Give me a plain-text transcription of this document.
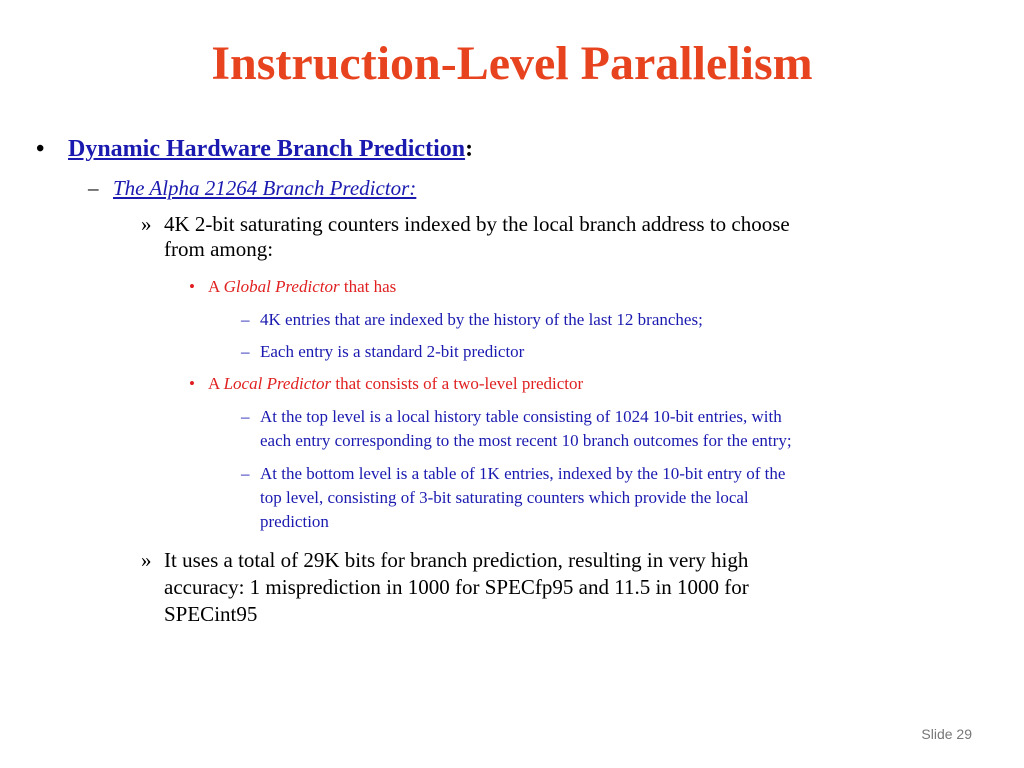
Instruction-Level Parallelism
• Dynamic Hardware Branch Prediction:
– The Alpha 21264 Branch Predictor:
» 4K 2-bit saturating counters indexed by the local branch address to choose
from among:
• A Global Predictor that has
– 4K entries that are indexed by the history of the last 12 branches;
– Each entry is a standard 2-bit predictor
• A Local Predictor that consists of a two-level predictor
– At the top level is a local history table consisting of 1024 10-bit entries, with
each entry corresponding to the most recent 10 branch outcomes for the entry;
– At the bottom level is a table of 1K entries, indexed by the 10-bit entry of the
top level, consisting of 3-bit saturating counters which provide the local
prediction
» It uses a total of 29K bits for branch prediction, resulting in very high
accuracy: 1 misprediction in 1000 for SPECfp95 and 11.5 in 1000 for
SPECint95
Slide 29
